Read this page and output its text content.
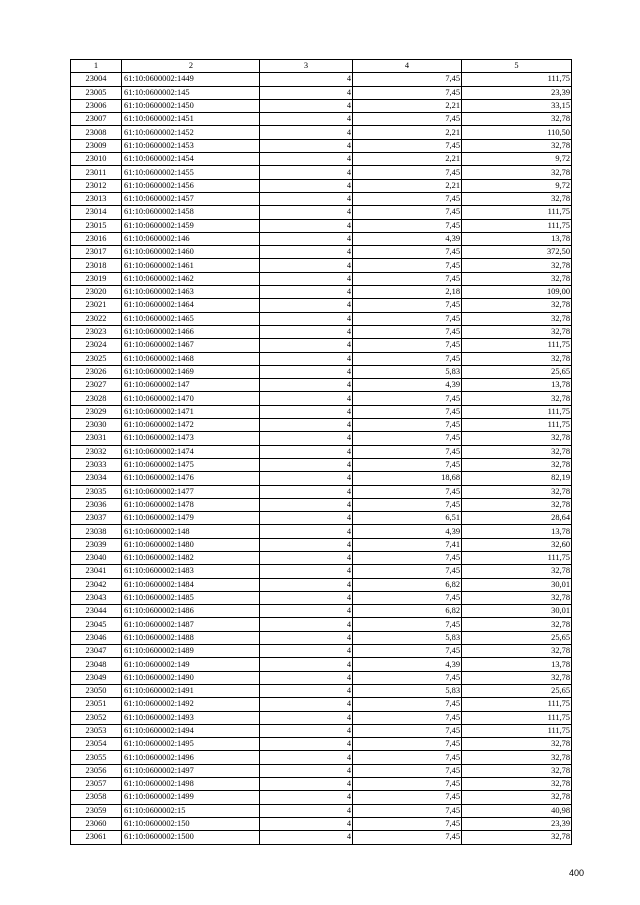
1	2	3	4	5
23004	61:10:0600002:1449	4	7,45	111,75
23005	61:10:0600002:145	4	7,45	23,39
23006	61:10:0600002:1450	4	2,21	33,15
23007	61:10:0600002:1451	4	7,45	32,78
23008	61:10:0600002:1452	4	2,21	110,50
23009	61:10:0600002:1453	4	7,45	32,78
23010	61:10:0600002:1454	4	2,21	9,72
23011	61:10:0600002:1455	4	7,45	32,78
23012	61:10:0600002:1456	4	2,21	9,72
23013	61:10:0600002:1457	4	7,45	32,78
23014	61:10:0600002:1458	4	7,45	111,75
23015	61:10:0600002:1459	4	7,45	111,75
23016	61:10:0600002:146	4	4,39	13,78
23017	61:10:0600002:1460	4	7,45	372,50
23018	61:10:0600002:1461	4	7,45	32,78
23019	61:10:0600002:1462	4	7,45	32,78
23020	61:10:0600002:1463	4	2,18	109,00
23021	61:10:0600002:1464	4	7,45	32,78
23022	61:10:0600002:1465	4	7,45	32,78
23023	61:10:0600002:1466	4	7,45	32,78
23024	61:10:0600002:1467	4	7,45	111,75
23025	61:10:0600002:1468	4	7,45	32,78
23026	61:10:0600002:1469	4	5,83	25,65
23027	61:10:0600002:147	4	4,39	13,78
23028	61:10:0600002:1470	4	7,45	32,78
23029	61:10:0600002:1471	4	7,45	111,75
23030	61:10:0600002:1472	4	7,45	111,75
23031	61:10:0600002:1473	4	7,45	32,78
23032	61:10:0600002:1474	4	7,45	32,78
23033	61:10:0600002:1475	4	7,45	32,78
23034	61:10:0600002:1476	4	18,68	82,19
23035	61:10:0600002:1477	4	7,45	32,78
23036	61:10:0600002:1478	4	7,45	32,78
23037	61:10:0600002:1479	4	6,51	28,64
23038	61:10:0600002:148	4	4,39	13,78
23039	61:10:0600002:1480	4	7,41	32,60
23040	61:10:0600002:1482	4	7,45	111,75
23041	61:10:0600002:1483	4	7,45	32,78
23042	61:10:0600002:1484	4	6,82	30,01
23043	61:10:0600002:1485	4	7,45	32,78
23044	61:10:0600002:1486	4	6,82	30,01
23045	61:10:0600002:1487	4	7,45	32,78
23046	61:10:0600002:1488	4	5,83	25,65
23047	61:10:0600002:1489	4	7,45	32,78
23048	61:10:0600002:149	4	4,39	13,78
23049	61:10:0600002:1490	4	7,45	32,78
23050	61:10:0600002:1491	4	5,83	25,65
23051	61:10:0600002:1492	4	7,45	111,75
23052	61:10:0600002:1493	4	7,45	111,75
23053	61:10:0600002:1494	4	7,45	111,75
23054	61:10:0600002:1495	4	7,45	32,78
23055	61:10:0600002:1496	4	7,45	32,78
23056	61:10:0600002:1497	4	7,45	32,78
23057	61:10:0600002:1498	4	7,45	32,78
23058	61:10:0600002:1499	4	7,45	32,78
23059	61:10:0600002:15	4	7,45	40,98
23060	61:10:0600002:150	4	7,45	23,39
23061	61:10:0600002:1500	4	7,45	32,78
400
